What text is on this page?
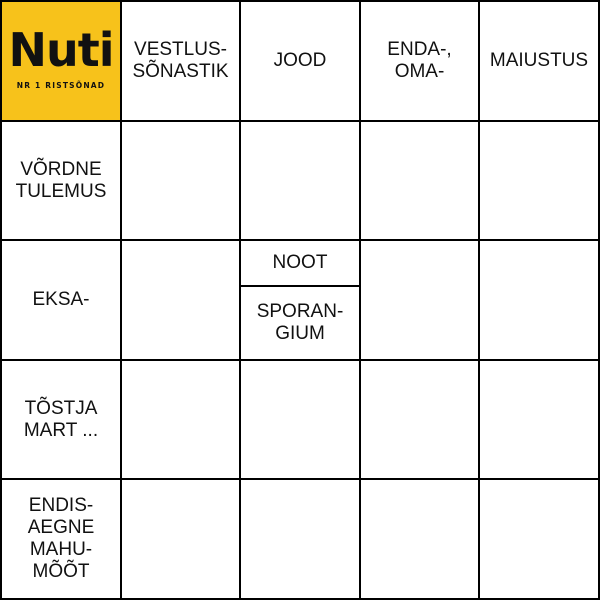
Nuti
NR 1 RISTSÕNAD
VESTLUS-
SÕNASTIK
JOOD
ENDA-,
OMA-
MAIUSTUS
VÕRDNE
TULEMUS
EKSA-
NOOT
SPORAN-
GIUM
TÕSTJA
MART ...
ENDIS-
AEGNE
MAHU-
MÕÕT
